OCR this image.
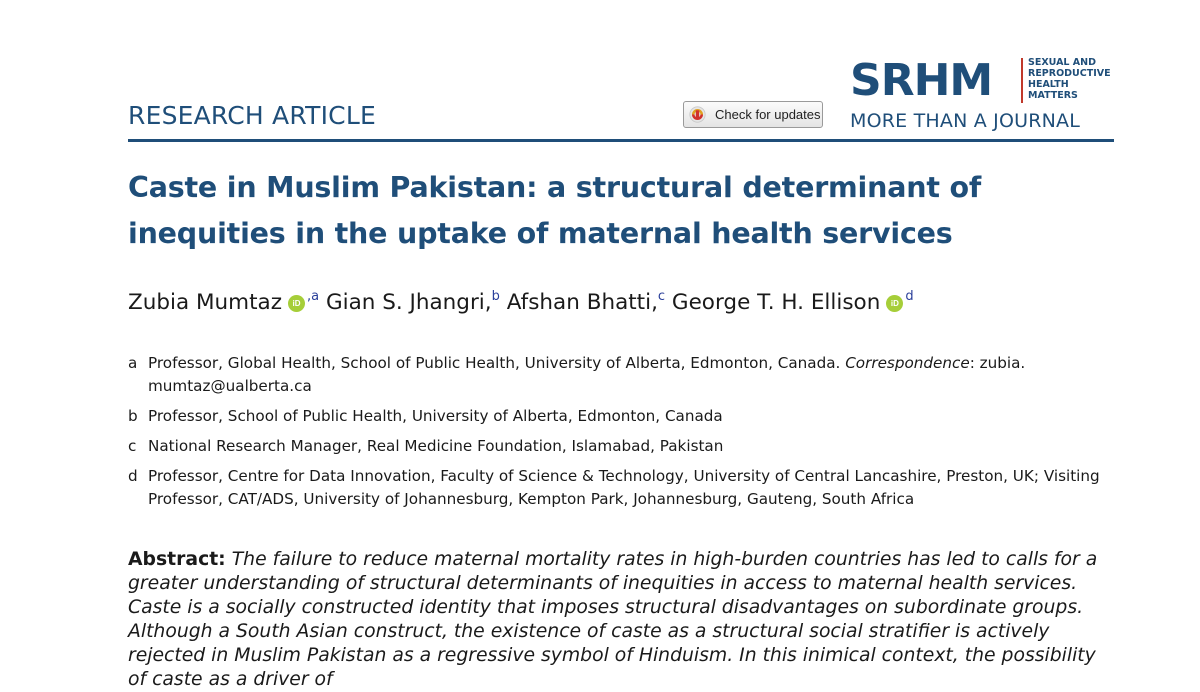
RESEARCH ARTICLE	Check for updates
SRHM	SEXUAL AND
REPRODUCTIVE
HEALTH
MATTERS
MORE THAN A JOURNAL
Caste in Muslim Pakistan: a structural determinant of inequities in the uptake of maternal health services
Zubia Mumtaz iD $^{,a}$ Gian S. Jhangri,$^b$ Afshan Bhatti,$^c$ George T. H. Ellison iD $^d$
a Professor, Global Health, School of Public Health, University of Alberta, Edmonton, Canada. Correspondence: zubia. mumtaz@ualberta.ca
b Professor, School of Public Health, University of Alberta, Edmonton, Canada
c National Research Manager, Real Medicine Foundation, Islamabad, Pakistan
d Professor, Centre for Data Innovation, Faculty of Science & Technology, University of Central Lancashire, Preston, UK; Visiting Professor, CAT/ADS, University of Johannesburg, Kempton Park, Johannesburg, Gauteng, South Africa
Abstract: The failure to reduce maternal mortality rates in high-burden countries has led to calls for a greater understanding of structural determinants of inequities in access to maternal health services. Caste is a socially constructed identity that imposes structural disadvantages on subordinate groups. Although a South Asian construct, the existence of caste as a structural social stratifier is actively rejected in Muslim Pakistan as a regressive symbol of Hinduism. In this inimical context, the possibility of caste as a driver of
